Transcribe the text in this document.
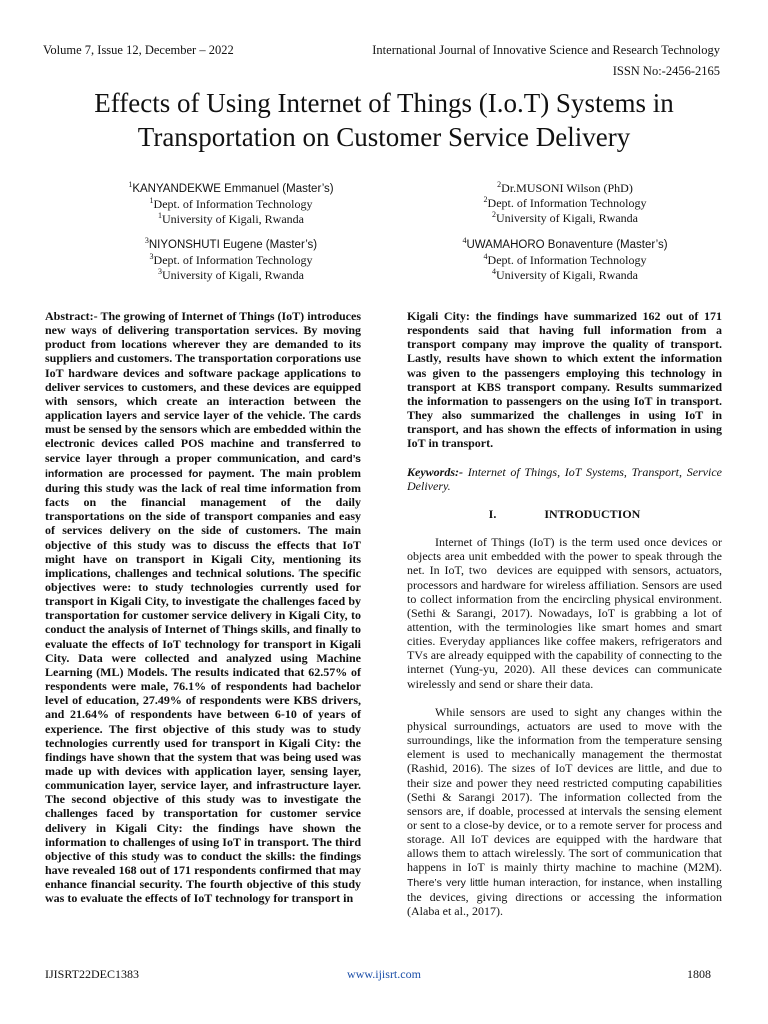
Volume 7, Issue 12, December – 2022	International Journal of Innovative Science and Research Technology
ISSN No:-2456-2165
Effects of Using Internet of Things (I.o.T) Systems in
Transportation on Customer Service Delivery
$^1$KANYANDEKWE Emmanuel (Master’s)
$^1$Dept. of Information Technology
$^1$University of Kigali, Rwanda
$^2$Dr.MUSONI Wilson (PhD)
$^2$Dept. of Information Technology
$^2$University of Kigali, Rwanda
$^3$NIYONSHUTI Eugene (Master’s)
$^3$Dept. of Information Technology
$^3$University of Kigali, Rwanda
$^4$UWAMAHORO Bonaventure (Master’s)
$^4$Dept. of Information Technology
$^4$University of Kigali, Rwanda

Abstract:- The growing of Internet of Things (IoT) introduces new ways of delivering transportation services. By moving product from locations wherever they are demanded to its suppliers and customers. The transportation corporations use IoT hardware devices and software package applications to deliver services to customers, and these devices are equipped with sensors, which create an interaction between the application layers and service layer of the vehicle. The cards must be sensed by the sensors which are embedded within the electronic devices called POS machine and transferred to service layer through a proper communication, and card’s information are processed for payment. The main problem during this study was the lack of real time information from facts on the financial management of the daily transportations on the side of transport companies and easy of services delivery on the side of customers. The main objective of this study was to discuss the effects that IoT might have on transport in Kigali City, mentioning its implications, challenges and technical solutions. The specific objectives were: to study technologies currently used for transport in Kigali City, to investigate the challenges faced by transportation for customer service delivery in Kigali City, to conduct the analysis of Internet of Things skills, and finally to evaluate the effects of IoT technology for transport in Kigali City. Data were collected and analyzed using Machine Learning (ML) Models. The results indicated that 62.57% of respondents were male, 76.1% of respondents had bachelor level of education, 27.49% of respondents were KBS drivers, and 21.64% of respondents have between 6-10 of years of experience. The first objective of this study was to study technologies currently used for transport in Kigali City: the findings have shown that the system that was being used was made up with devices with application layer, sensing layer, communication layer, service layer, and infrastructure layer. The second objective of this study was to investigate the challenges faced by transportation for customer service delivery in Kigali City: the findings have shown the information to challenges of using IoT in transport. The third objective of this study was to conduct the skills: the findings have revealed 168 out of 171 respondents confirmed that may enhance financial security. The fourth objective of this study was to evaluate the effects of IoT technology for transport in

Kigali City: the findings have summarized 162 out of 171 respondents said that having full information from a transport company may improve the quality of transport. Lastly, results have shown to which extent the information was given to the passengers employing this technology in transport at KBS transport company. Results summarized the information to passengers on the using IoT in transport. They also summarized the challenges in using IoT in transport, and has shown the effects of information in using IoT in transport.

Keywords:- Internet of Things, IoT Systems, Transport, Service Delivery.

I.	INTRODUCTION

Internet of Things (IoT) is the term used once devices or objects area unit embedded with the power to speak through the net. In IoT, two  devices are equipped with sensors, actuators, processors and hardware for wireless affiliation. Sensors are used to collect information from the encircling physical environment. (Sethi & Sarangi, 2017). Nowadays, IoT is grabbing a lot of attention, with the terminologies like smart homes and smart cities. Everyday appliances like coffee makers, refrigerators and TVs are already equipped with the capability of connecting to the internet (Yung-yu, 2020). All these devices can communicate wirelessly and send or share their data.

While sensors are used to sight any changes within the physical surroundings, actuators are used to move with the surroundings, like the information from the temperature sensing element is used to mechanically management the thermostat (Rashid, 2016). The sizes of IoT devices are little, and due to their size and power they need restricted computing capabilities (Sethi & Sarangi 2017). The information collected from the sensors are, if doable, processed at intervals the sensing element or sent to a close-by device, or to a remote server for process and storage. All IoT devices are equipped with the hardware that allows them to attach wirelessly. The sort of communication that happens in IoT is mainly thirty machine to machine (M2M). There’s very little human interaction, for instance, when installing the devices, giving directions or accessing the information (Alaba et al., 2017).

IJISRT22DEC1383	www.ijisrt.com	1808
